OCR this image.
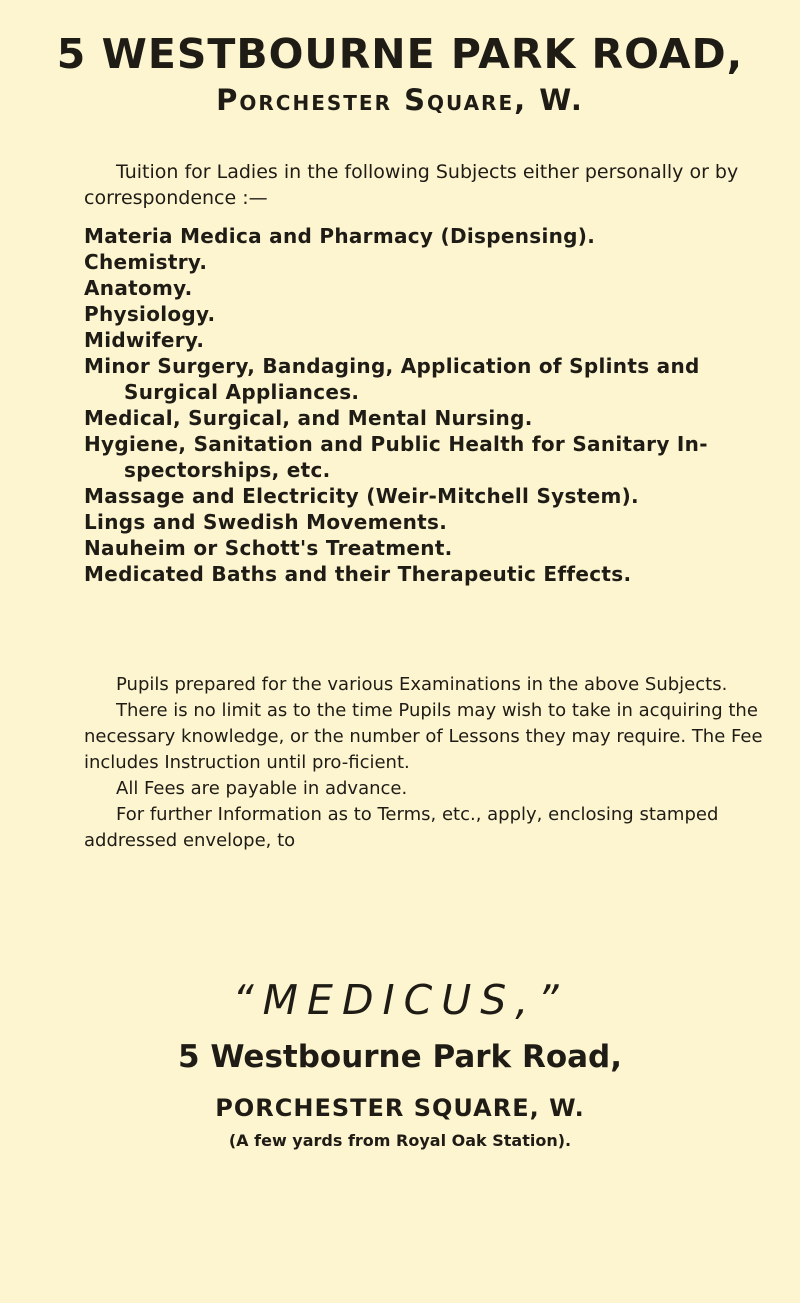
5 WESTBOURNE PARK ROAD,
Porchester Square, W.

Tuition for Ladies in the following Subjects either personally or by correspondence :—

Materia Medica and Pharmacy (Dispensing).
Chemistry.
Anatomy.
Physiology.
Midwifery.
Minor Surgery, Bandaging, Application of Splints and Surgical Appliances.
Medical, Surgical, and Mental Nursing.
Hygiene, Sanitation and Public Health for Sanitary In-spectorships, etc.
Massage and Electricity (Weir-Mitchell System).
Lings and Swedish Movements.
Nauheim or Schott's Treatment.
Medicated Baths and their Therapeutic Effects.

Pupils prepared for the various Examinations in the above Subjects.

There is no limit as to the time Pupils may wish to take in acquiring the necessary knowledge, or the number of Lessons they may require. The Fee includes Instruction until pro-ficient.

All Fees are payable in advance.

For further Information as to Terms, etc., apply, enclosing stamped addressed envelope, to

“MEDICUS,”
5 Westbourne Park Road,
PORCHESTER SQUARE, W.
(A few yards from Royal Oak Station).
